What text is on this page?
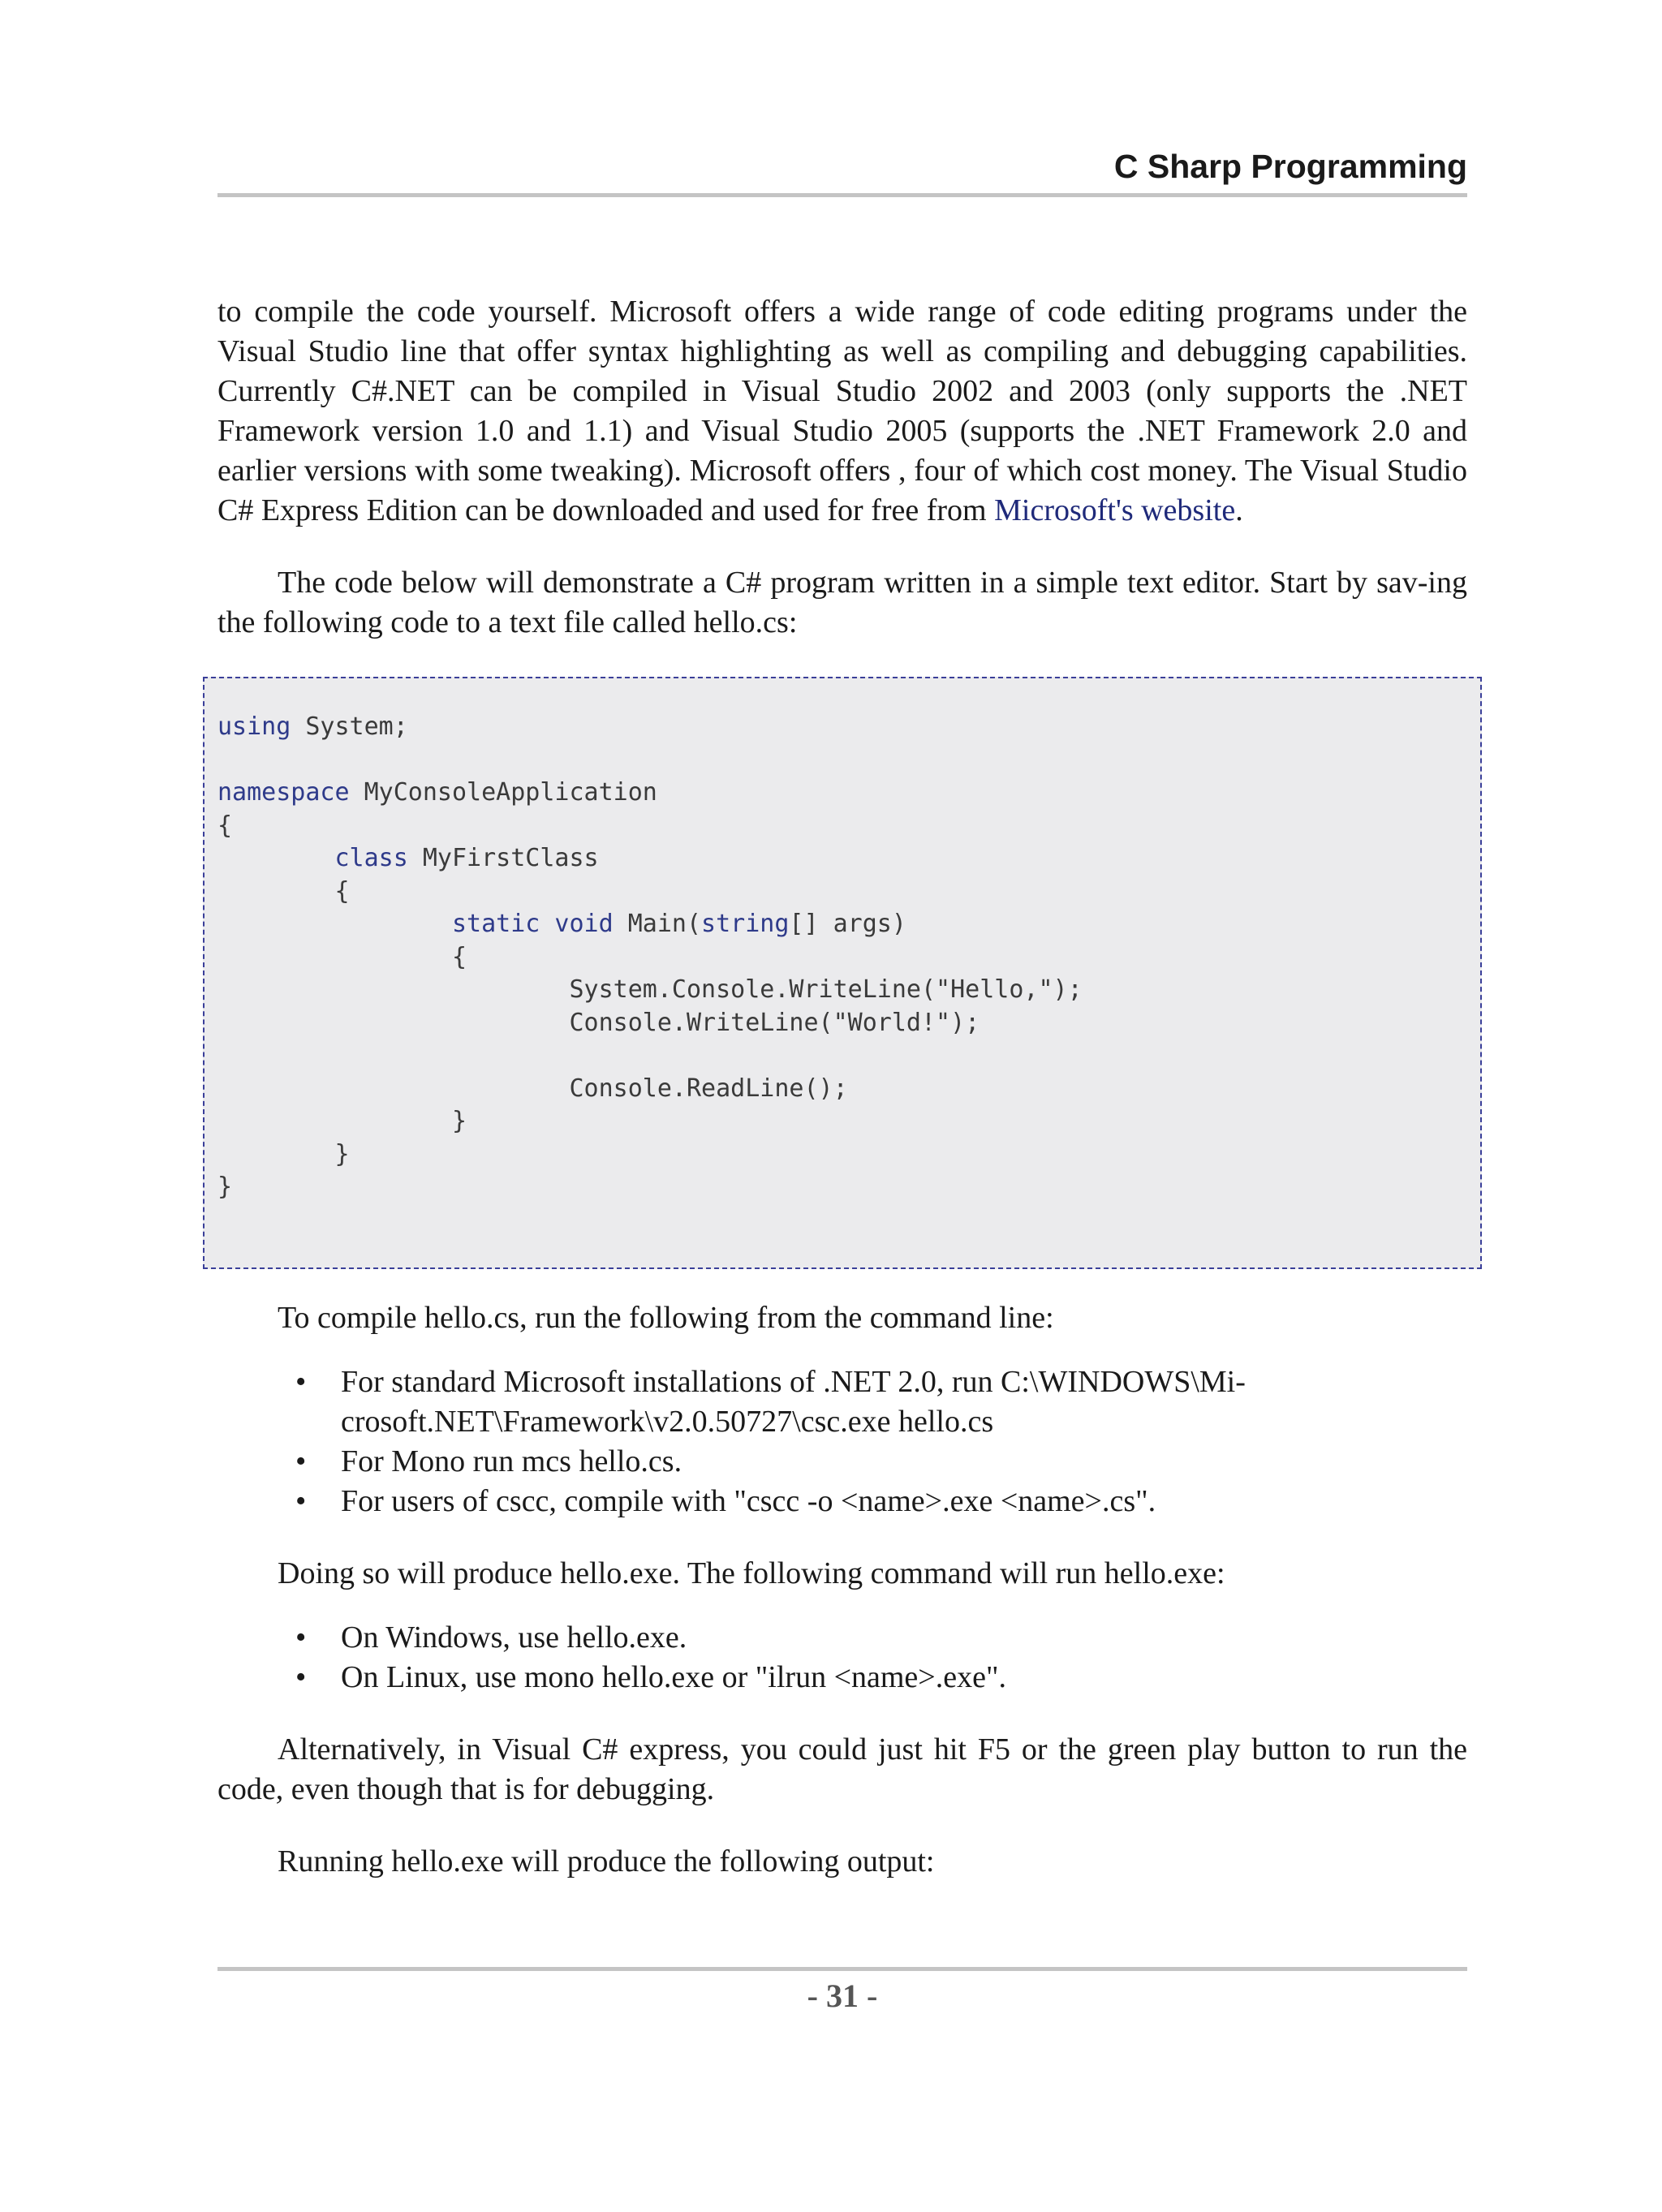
C Sharp Programming

to compile the code yourself. Microsoft offers a wide range of code editing programs under the Visual Studio line that offer syntax highlighting as well as compiling and debugging capabilities. Currently C#.NET can be compiled in Visual Studio 2002 and 2003 (only supports the .NET Framework version 1.0 and 1.1) and Visual Studio 2005 (supports the .NET Framework 2.0 and earlier versions with some tweaking). Microsoft offers , four of which cost money. The Visual Studio C# Express Edition can be downloaded and used for free from Microsoft's website.

The code below will demonstrate a C# program written in a simple text editor. Start by sav-ing the following code to a text file called hello.cs:

using System;

namespace MyConsoleApplication
{
	class MyFirstClass
	{
		static void Main(string[] args)
		{
			System.Console.WriteLine("Hello,");
			Console.WriteLine("World!");

			Console.ReadLine();
		}
	}
}

To compile hello.cs, run the following from the command line:

• For standard Microsoft installations of .NET 2.0, run C:\WINDOWS\Mi-crosoft.NET\Framework\v2.0.50727\csc.exe hello.cs
• For Mono run mcs hello.cs.
• For users of cscc, compile with "cscc -o <name>.exe <name>.cs".

Doing so will produce hello.exe. The following command will run hello.exe:

• On Windows, use hello.exe.
• On Linux, use mono hello.exe or "ilrun <name>.exe".

Alternatively, in Visual C# express, you could just hit F5 or the green play button to run the code, even though that is for debugging.

Running hello.exe will produce the following output:

- 31 -
